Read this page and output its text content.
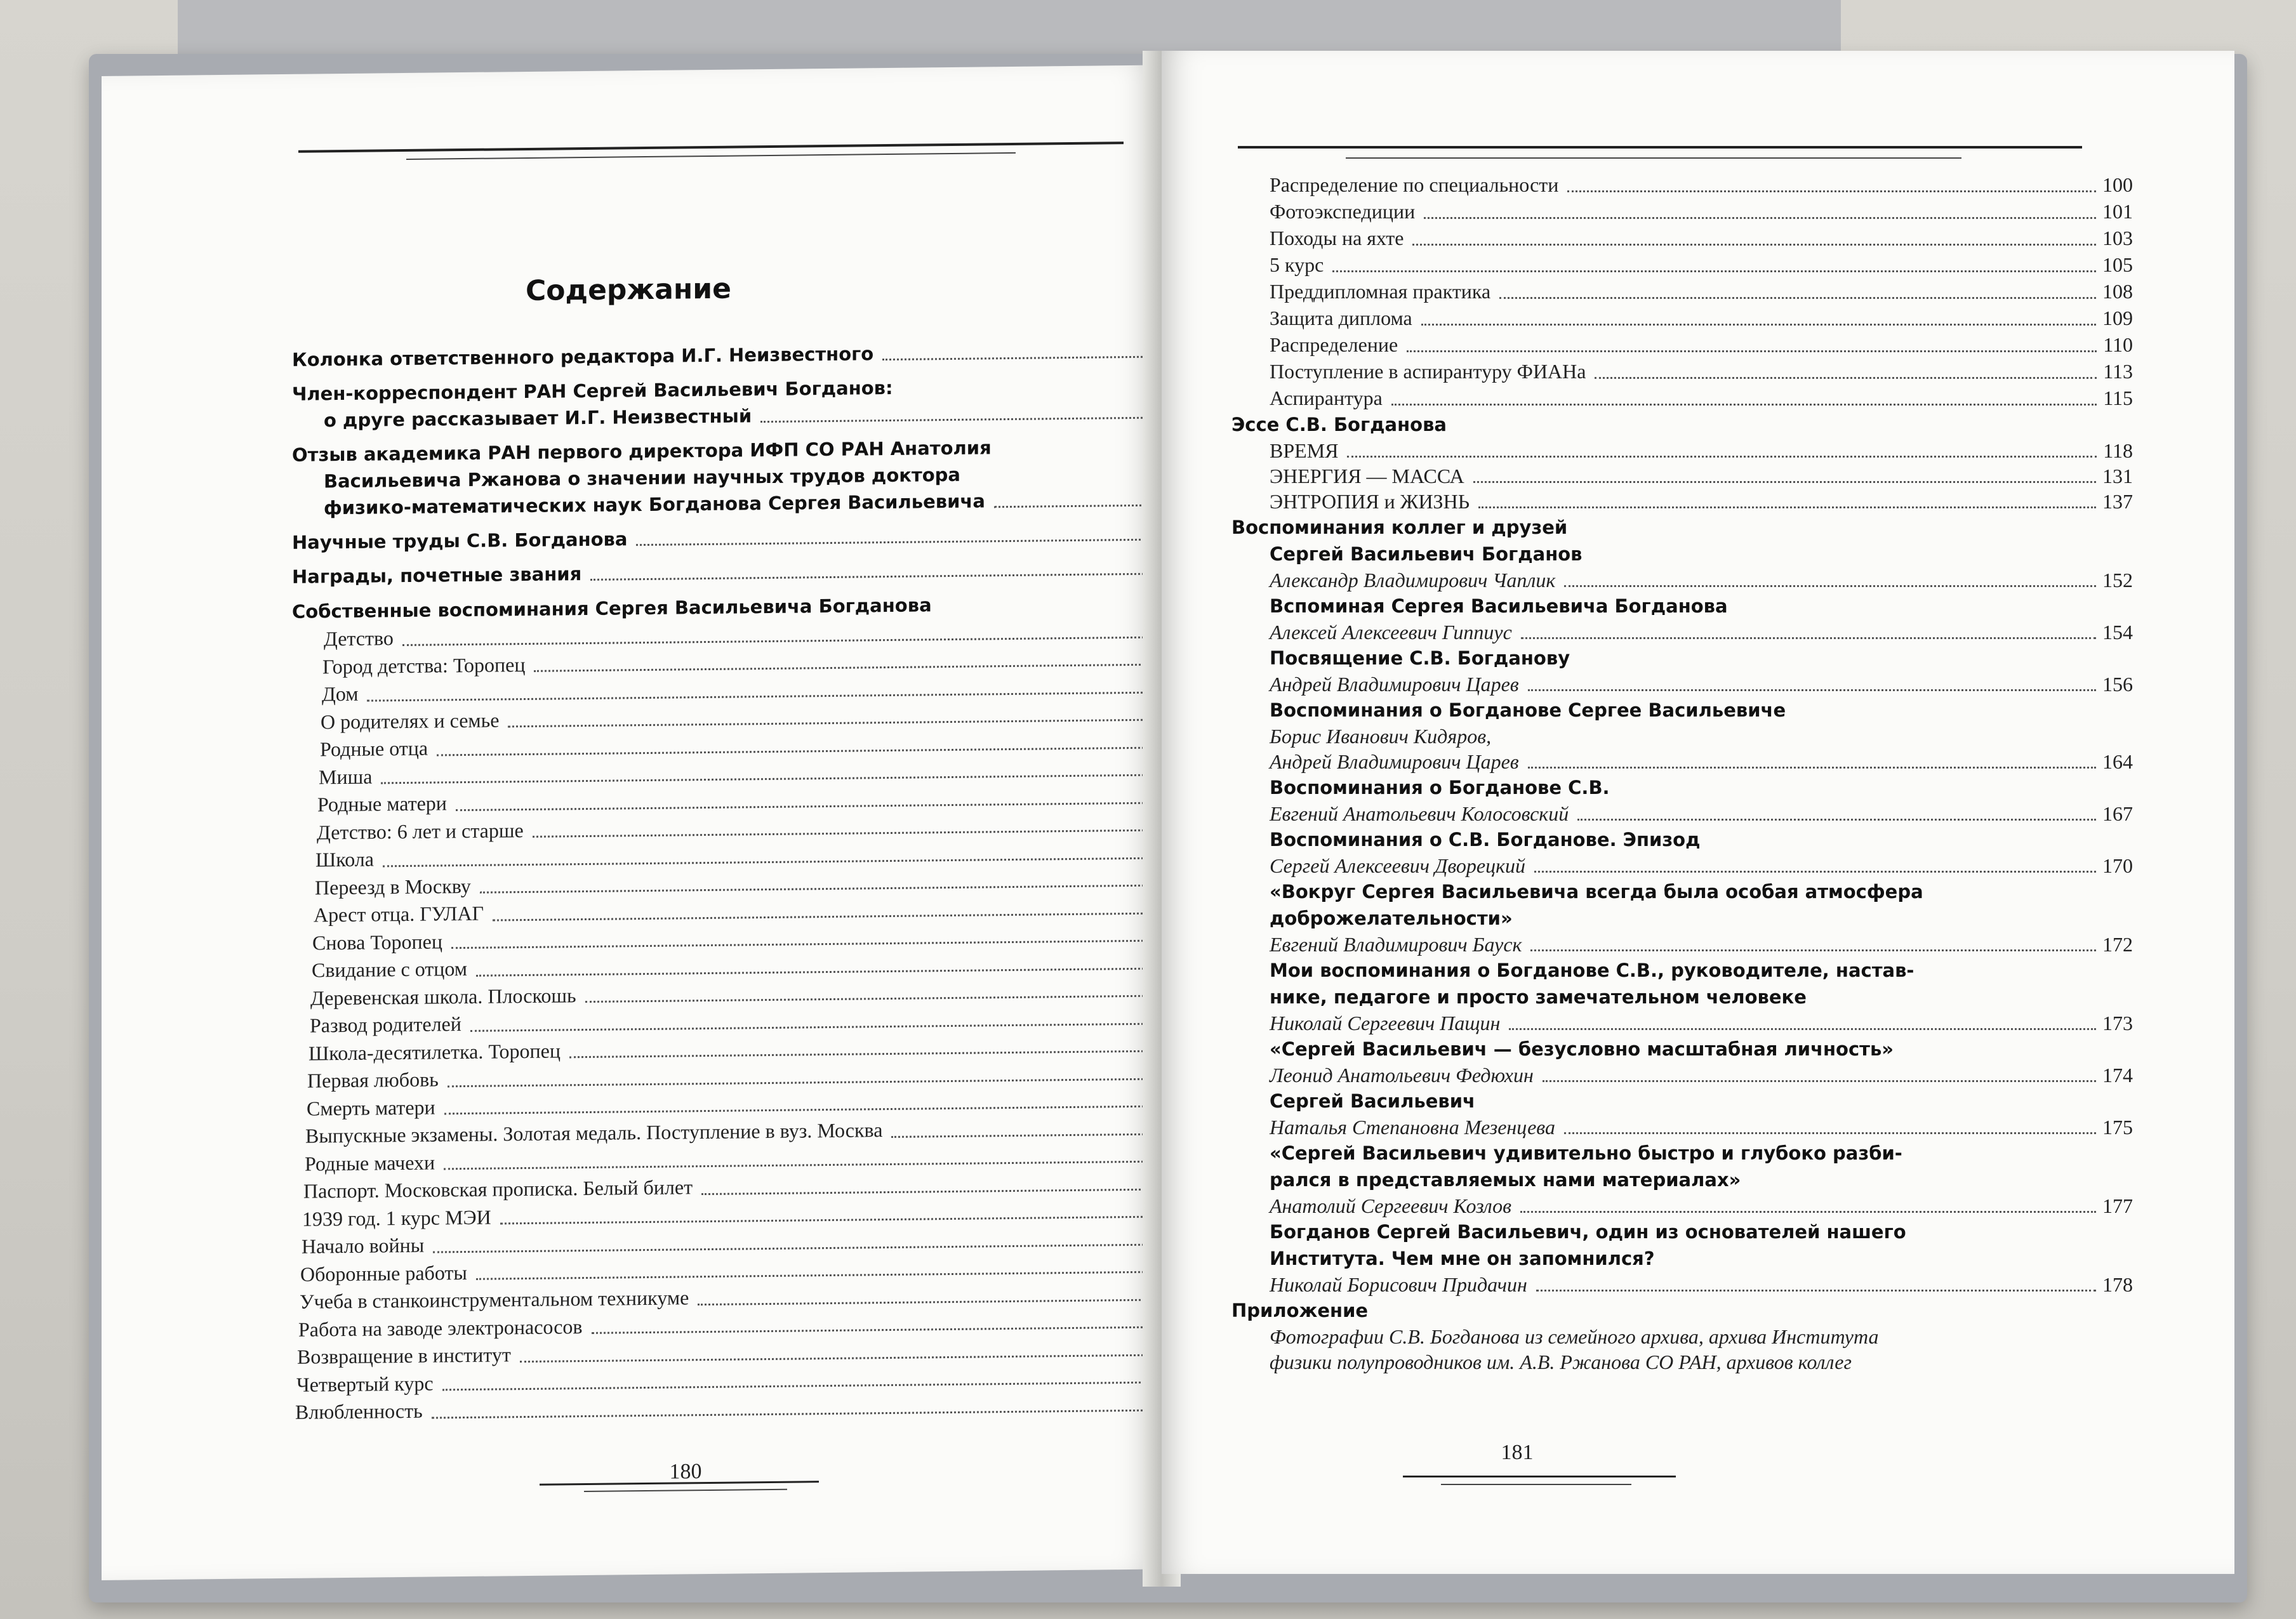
Содержание
Колонка ответственного редактора И.Г. Неизвестного
Член-корреспондент РАН Сергей Васильевич Богданов:
о друге рассказывает И.Г. Неизвестный
Отзыв академика РАН первого директора ИФП СО РАН Анатолия
Васильевича Ржанова о значении научных трудов доктора
физико-математических наук Богданова Сергея Васильевича
Научные труды С.В. Богданова
Награды, почетные звания
Собственные воспоминания Сергея Васильевича Богданова
Детство
Город детства: Торопец
Дом
О родителях и семье
Родные отца
Миша
Родные матери
Детство: 6 лет и старше
Школа
Переезд в Москву
Арест отца. ГУЛАГ
Снова Торопец
Свидание с отцом
Деревенская школа. Плоскошь
Развод родителей
Школа-десятилетка. Торопец
Первая любовь
Смерть матери
Выпускные экзамены. Золотая медаль. Поступление в вуз. Москва
Родные мачехи
Паспорт. Московская прописка. Белый билет
1939 год. 1 курс МЭИ
Начало войны
Оборонные работы
Учеба в станкоинструментальном техникуме
Работа на заводе электронасосов
Возвращение в институт
Четвертый курс
Влюбленность
180
Распределение по специальности	100
Фотоэкспедиции	101
Походы на яхте	103
5 курс	105
Преддипломная практика	108
Защита диплома	109
Распределение	110
Поступление в аспирантуру ФИАНа	113
Аспирантура	115
Эссе С.В. Богданова
ВРЕМЯ	118
ЭНЕРГИЯ — МАССА	131
ЭНТРОПИЯ и ЖИЗНЬ	137
Воспоминания коллег и друзей
Сергей Васильевич Богданов
Александр Владимирович Чаплик	152
Вспоминая Сергея Васильевича Богданова
Алексей Алексеевич Гиппиус	154
Посвящение С.В. Богданову
Андрей Владимирович Царев	156
Воспоминания о Богданове Сергее Васильевиче
Борис Иванович Кидяров,
Андрей Владимирович Царев	164
Воспоминания о Богданове С.В.
Евгений Анатольевич Колосовский	167
Воспоминания о С.В. Богданове. Эпизод
Сергей Алексеевич Дворецкий	170
«Вокруг Сергея Васильевича всегда была особая атмосфера
доброжелательности»
Евгений Владимирович Бауск	172
Мои воспоминания о Богданове С.В., руководителе, настав-
нике, педагоге и просто замечательном человеке
Николай Сергеевич Пащин	173
«Сергей Васильевич — безусловно масштабная личность»
Леонид Анатольевич Федюхин	174
Сергей Васильевич
Наталья Степановна Мезенцева	175
«Сергей Васильевич удивительно быстро и глубоко разби-
рался в представляемых нами материалах»
Анатолий Сергеевич Козлов	177
Богданов Сергей Васильевич, один из основателей нашего
Института. Чем мне он запомнился?
Николай Борисович Придачин	178
Приложение
Фотографии С.В. Богданова из семейного архива, архива Института
физики полупроводников им. А.В. Ржанова СО РАН, архивов коллег
181
